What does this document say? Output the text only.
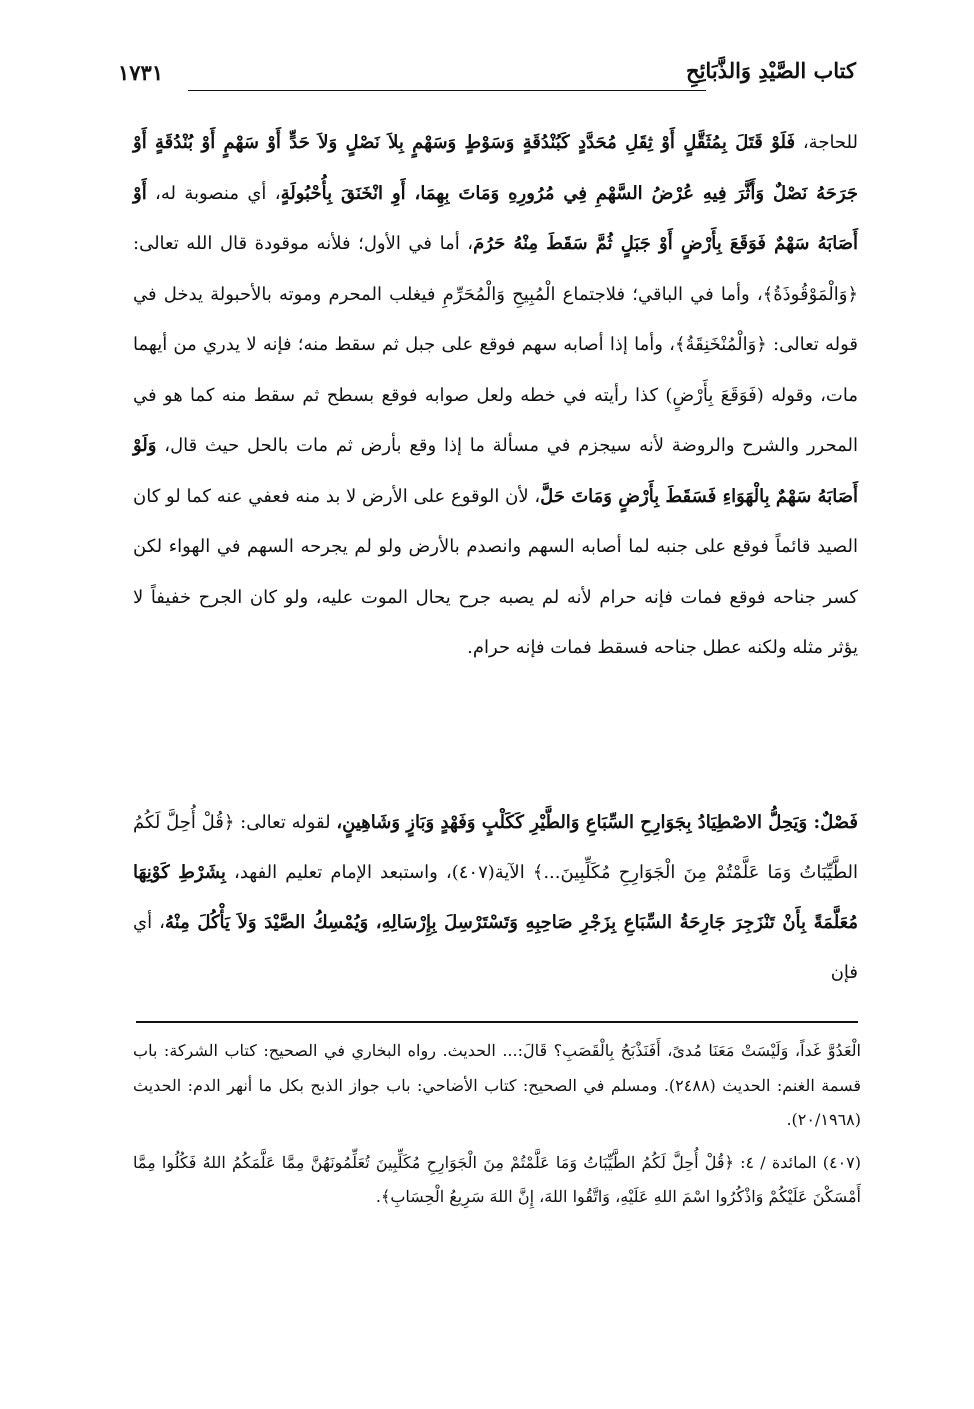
كتاب الصَّيْدِ وَالذَّبَائِحِ
١٧٣١

للحاجة، فَلَوْ قَتَلَ بِمُثَقَّلٍ أَوْ ثِقَلِ مُحَدَّدٍ كَبُنْدُقَةٍ وَسَوْطٍ وَسَهْمٍ بِلاَ نَصْلٍ وَلاَ حَدٍّ أَوْ سَهْمٍ أَوْ بُنْدُقَةٍ أَوْ جَرَحَهُ نَصْلٌ وَأَثَّرَ فِيهِ عُرْضُ السَّهْمِ فِي مُرُورِهِ وَمَاتَ بِهِمَا، أَوِ انْخَنَقَ بِأُحْبُولَةٍ، أي منصوبة له، أَوْ أَصَابَهُ سَهْمٌ فَوَقَعَ بِأَرْضٍ أَوْ جَبَلٍ ثُمَّ سَقَطَ مِنْهُ حَرُمَ، أما في الأول؛ فلأنه موقودة قال الله تعالى: ﴿وَالْمَوْقُوذَةُ﴾، وأما في الباقي؛ فلاجتماع الْمُبِيحِ وَالْمُحَرِّمِ فيغلب المحرم وموته بالأحبولة يدخل في قوله تعالى: ﴿وَالْمُنْخَنِقَةُ﴾، وأما إذا أصابه سهم فوقع على جبل ثم سقط منه؛ فإنه لا يدري من أيهما مات، وقوله (فَوَقَعَ بِأَرْضٍ) كذا رأيته في خطه ولعل صوابه فوقع بسطح ثم سقط منه كما هو في المحرر والشرح والروضة لأنه سيجزم في مسألة ما إذا وقع بأرض ثم مات بالحل حيث قال، وَلَوْ أَصَابَهُ سَهْمٌ بِالْهَوَاءِ فَسَقَطَ بِأَرْضٍ وَمَاتَ حَلَّ، لأن الوقوع على الأرض لا بد منه فعفي عنه كما لو كان الصيد قائماً فوقع على جنبه لما أصابه السهم وانصدم بالأرض ولو لم يجرحه السهم في الهواء لكن كسر جناحه فوقع فمات فإنه حرام لأنه لم يصبه جرح يحال الموت عليه، ولو كان الجرح خفيفاً لا يؤثر مثله ولكنه عطل جناحه فسقط فمات فإنه حرام.

فَصْلٌ: وَيَحِلُّ الاصْطِيَادُ بِجَوَارِحِ السِّبَاعِ وَالطَّيْرِ كَكَلْبٍ وَفَهْدٍ وَبَازٍ وَشَاهِينٍ، لقوله تعالى: ﴿قُلْ أُحِلَّ لَكُمُ الطَّيِّبَاتُ وَمَا عَلَّمْتُمْ مِنَ الْجَوَارِحِ مُكَلِّبِينَ...﴾ الآية(٤٠٧)، واستبعد الإمام تعليم الفهد، بِشَرْطِ كَوْنِهَا مُعَلَّمَةً بِأَنْ تَنْزَجِرَ جَارِحَةُ السِّبَاعِ بِزَجْرِ صَاحِبِهِ وَتَسْتَرْسِلَ بِإِرْسَالِهِ، وَيُمْسِكُ الصَّيْدَ وَلاَ يَأْكُلَ مِنْهُ، أي فإن

الْعَدُوَّ غَداً، وَلَيْسَتْ مَعَنَا مُدىً، أَفَنَذْبَحُ بِالْقَصَبِ؟ قَالَ:... الحديث. رواه البخاري في الصحيح: كتاب الشركة: باب قسمة الغنم: الحديث (٢٤٨٨). ومسلم في الصحيح: كتاب الأضاحي: باب جواز الذبح بكل ما أنهر الدم: الحديث (٢٠/١٩٦٨).

(٤٠٧) المائدة / ٤: ﴿قُلْ أُحِلَّ لَكُمُ الطَّيِّبَاتُ وَمَا عَلَّمْتُمْ مِنَ الْجَوَارِحِ مُكَلِّبِينَ تُعَلِّمُونَهُنَّ مِمَّا عَلَّمَكُمُ اللهُ فَكُلُوا مِمَّا أَمْسَكْنَ عَلَيْكُمْ وَاذْكُرُوا اسْمَ اللهِ عَلَيْهِ، وَاتَّقُوا اللهَ، إِنَّ اللهَ سَرِيعُ الْحِسَابِ﴾.
